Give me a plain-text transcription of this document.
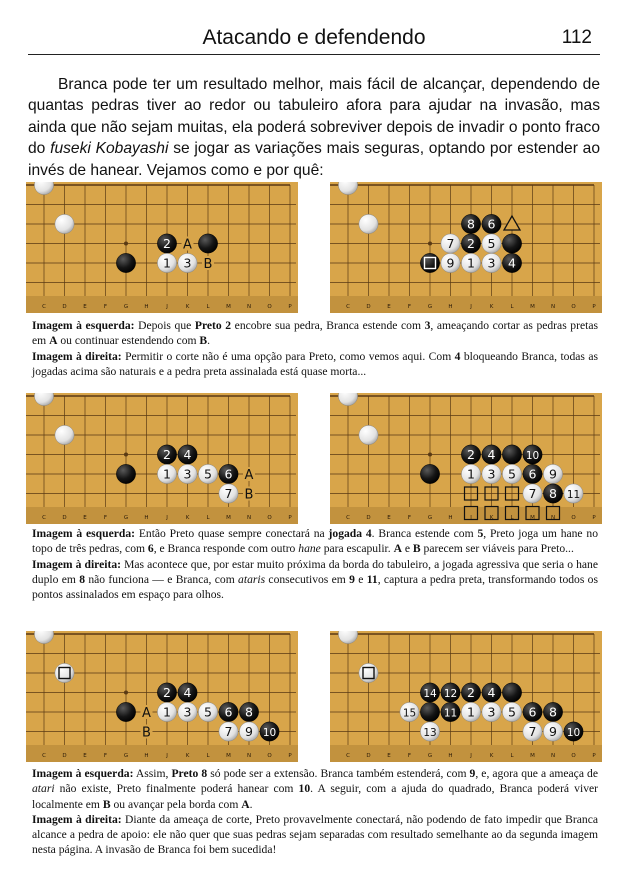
Atacando e defendendo	112
Branca pode ter um resultado melhor, mais fácil de alcançar, dependendo de quantas pedras tiver ao redor ou tabuleiro afora para ajudar na invasão, mas ainda que não sejam muitas, ela poderá sobreviver depois de invadir o ponto fraco do fuseki Kobayashi se jogar as variações mais seguras, optando por estender ao invés de hanear. Vejamos como e por quê:
C	D	E	F	G	H	J	K	L	M	N	O	P
2
1 3
A
B
C	D	E	F	G	H	J	K	L	M	N	O	P
8 6
7 2 5
9 1 3 4

Imagem à esquerda: Depois que Preto 2 encobre sua pedra, Branca estende com 3, ameaçando cortar as pedras pretas em A ou continuar estendendo com B.

Imagem à direita: Permitir o corte não é uma opção para Preto, como vemos aqui. Com 4 bloqueando Branca, todas as jogadas acima são naturais e a pedra preta assinalada está quase morta...

C	D	E	F	G	H	J	K	L	M	N	O	P
2 4
1 3 5 6
7
A
B
C	D	E	F	G	H	J	K	L	M	N	O	P
2 4	10
1 3 5 6 9
7 8 11

Imagem à esquerda: Então Preto quase sempre conectará na jogada 4. Branca estende com 5, Preto joga um hane no topo de três pedras, com 6, e Branca responde com outro hane para escapulir. A e B parecem ser viáveis para Preto...

Imagem à direita: Mas acontece que, por estar muito próxima da borda do tabuleiro, a jogada agressiva que seria o hane duplo em 8 não funciona — e Branca, com ataris consecutivos em 9 e 11, captura a pedra preta, transformando todos os pontos assinalados em espaço para olhos.

C	D	E	F	G	H	J	K	L	M	N	O	P
2 4
1 3 5 6 8
7 9 10
A
B
C	D	E	F	G	H	J	K	L	M	N	O	P
14 12 2 4
15	11 1 3 5 6 8
13	7 9 10

Imagem à esquerda: Assim, Preto 8 só pode ser a extensão. Branca também estenderá, com 9, e, agora que a ameaça de atari não existe, Preto finalmente poderá hanear com 10. A seguir, com a ajuda do quadrado, Branca poderá viver localmente em B ou avançar pela borda com A.

Imagem à direita: Diante da ameaça de corte, Preto provavelmente conectará, não podendo de fato impedir que Branca alcance a pedra de apoio: ele não quer que suas pedras sejam separadas com resultado semelhante ao da segunda imagem nesta página. A invasão de Branca foi bem sucedida!
